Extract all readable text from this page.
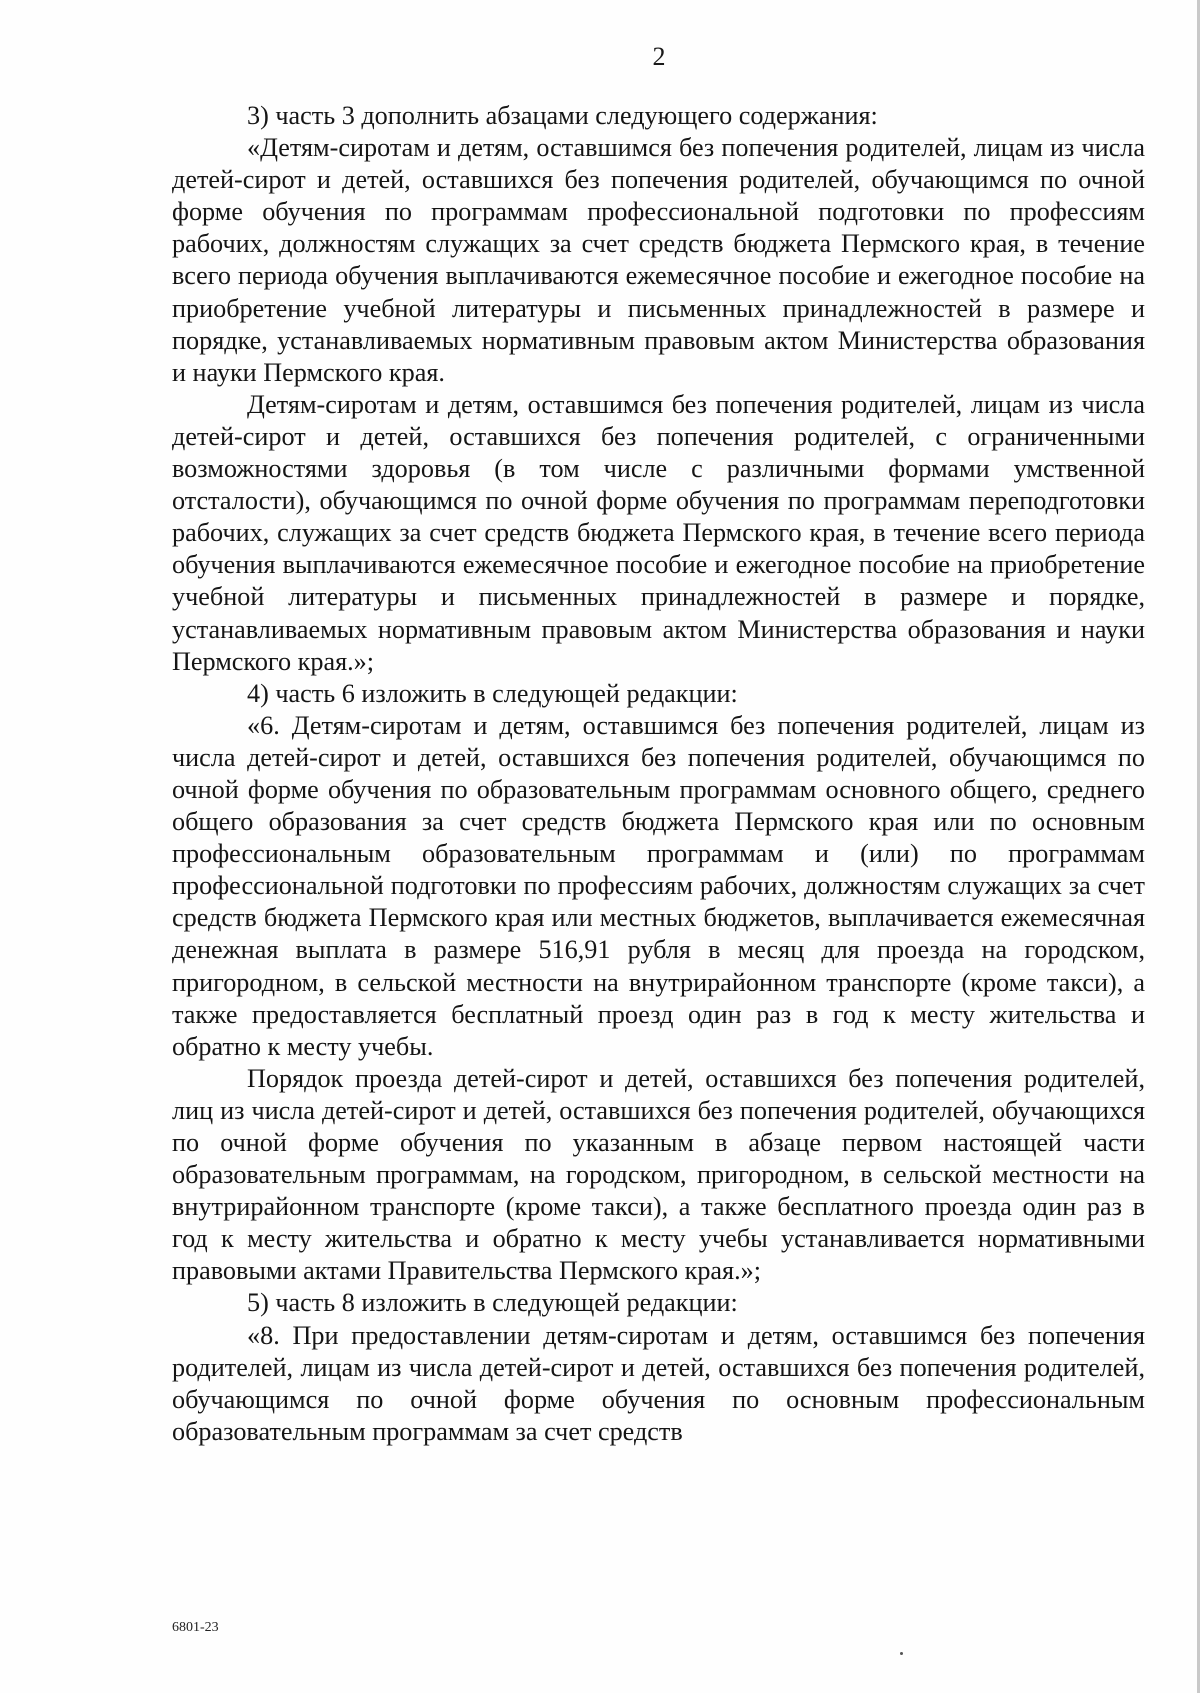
2

3) часть 3 дополнить абзацами следующего содержания:

«Детям-сиротам и детям, оставшимся без попечения родителей, лицам из числа детей-сирот и детей, оставшихся без попечения родителей, обучающимся по очной форме обучения по программам профессиональной подготовки по профессиям рабочих, должностям служащих за счет средств бюджета Пермского края, в течение всего периода обучения выплачиваются ежемесячное пособие и ежегодное пособие на приобретение учебной литературы и письменных принадлежностей в размере и порядке, устанавливаемых нормативным правовым актом Министерства образования и науки Пермского края.

Детям-сиротам и детям, оставшимся без попечения родителей, лицам из числа детей-сирот и детей, оставшихся без попечения родителей, с ограниченными возможностями здоровья (в том числе с различными формами умственной отсталости), обучающимся по очной форме обучения по программам переподготовки рабочих, служащих за счет средств бюджета Пермского края, в течение всего периода обучения выплачиваются ежемесячное пособие и ежегодное пособие на приобретение учебной литературы и письменных принадлежностей в размере и порядке, устанавливаемых нормативным правовым актом Министерства образования и науки Пермского края.»;

4) часть 6 изложить в следующей редакции:

«6. Детям-сиротам и детям, оставшимся без попечения родителей, лицам из числа детей-сирот и детей, оставшихся без попечения родителей, обучающимся по очной форме обучения по образовательным программам основного общего, среднего общего образования за счет средств бюджета Пермского края или по основным профессиональным образовательным программам и (или) по программам профессиональной подготовки по профессиям рабочих, должностям служащих за счет средств бюджета Пермского края или местных бюджетов, выплачивается ежемесячная денежная выплата в размере 516,91 рубля в месяц для проезда на городском, пригородном, в сельской местности на внутрирайонном транспорте (кроме такси), а также предоставляется бесплатный проезд один раз в год к месту жительства и обратно к месту учебы.

Порядок проезда детей-сирот и детей, оставшихся без попечения родителей, лиц из числа детей-сирот и детей, оставшихся без попечения родителей, обучающихся по очной форме обучения по указанным в абзаце первом настоящей части образовательным программам, на городском, пригородном, в сельской местности на внутрирайонном транспорте (кроме такси), а также бесплатного проезда один раз в год к месту жительства и обратно к месту учебы устанавливается нормативными правовыми актами Правительства Пермского края.»;

5) часть 8 изложить в следующей редакции:

«8. При предоставлении детям-сиротам и детям, оставшимся без попечения родителей, лицам из числа детей-сирот и детей, оставшихся без попечения родителей, обучающимся по очной форме обучения по основным профессиональным образовательным программам за счет средств

6801-23
